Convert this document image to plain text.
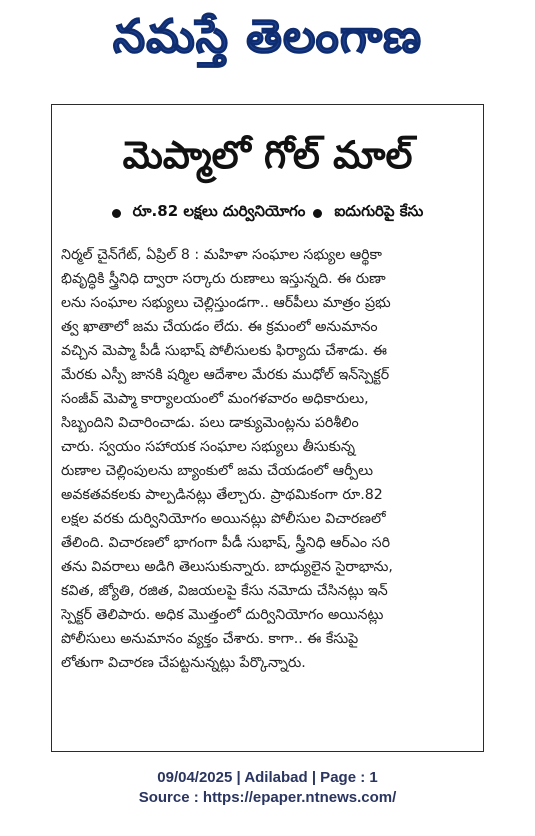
నమస్తే తెలంగాణ
మెప్మాలో గోల్ మాల్
రూ.82 లక్షలు దుర్వినియోగం ఐదుగురిపై కేసు
నిర్మల్ చైన్‌గేట్, ఏప్రిల్ 8 : మహిళా సంఘాల సభ్యుల ఆర్థికా
భివృద్ధికి స్త్రీనిధి ద్వారా సర్కారు రుణాలు ఇస్తున్నది. ఈ రుణా
లను సంఘాల సభ్యులు చెల్లిస్తుండగా.. ఆర్‌పీలు మాత్రం ప్రభు
త్వ ఖాతాలో జమ చేయడం లేదు. ఈ క్రమంలో అనుమానం
వచ్చిన మెప్మా పీడీ సుభాష్ పోలీసులకు ఫిర్యాదు చేశాడు. ఈ
మేరకు ఎస్పీ జానకి షర్మిల ఆదేశాల మేరకు ముధోల్ ఇన్‌స్పెక్టర్
సంజీవ్ మెప్మా కార్యాలయంలో మంగళవారం అధికారులు,
సిబ్బందిని విచారించాడు. పలు డాక్యుమెంట్లను పరిశీలిం
చారు. స్వయం సహాయక సంఘాల సభ్యులు తీసుకున్న
రుణాల చెల్లింపులను బ్యాంకులో జమ చేయడంలో ఆర్పీలు
అవకతవకలకు పాల్పడినట్లు తేల్చారు. ప్రాథమికంగా రూ.82
లక్షల వరకు దుర్వినియోగం అయినట్లు పోలీసుల విచారణలో
తేలింది. విచారణలో భాగంగా పీడీ సుభాష్, స్త్రీనిధి ఆర్‌ఎం సరి
తను వివరాలు అడిగి తెలుసుకున్నారు. బాధ్యులైన సైరాభాను,
కవిత, జ్యోతి, రజిత, విజయలపై కేసు నమోదు చేసినట్లు ఇన్
స్పెక్టర్ తెలిపారు. అధిక మొత్తంలో దుర్వినియోగం అయినట్లు
పోలీసులు అనుమానం వ్యక్తం చేశారు. కాగా.. ఈ కేసుపై
లోతుగా విచారణ చేపట్టనున్నట్లు పేర్కొన్నారు.
09/04/2025 | Adilabad | Page : 1
Source : https://epaper.ntnews.com/
